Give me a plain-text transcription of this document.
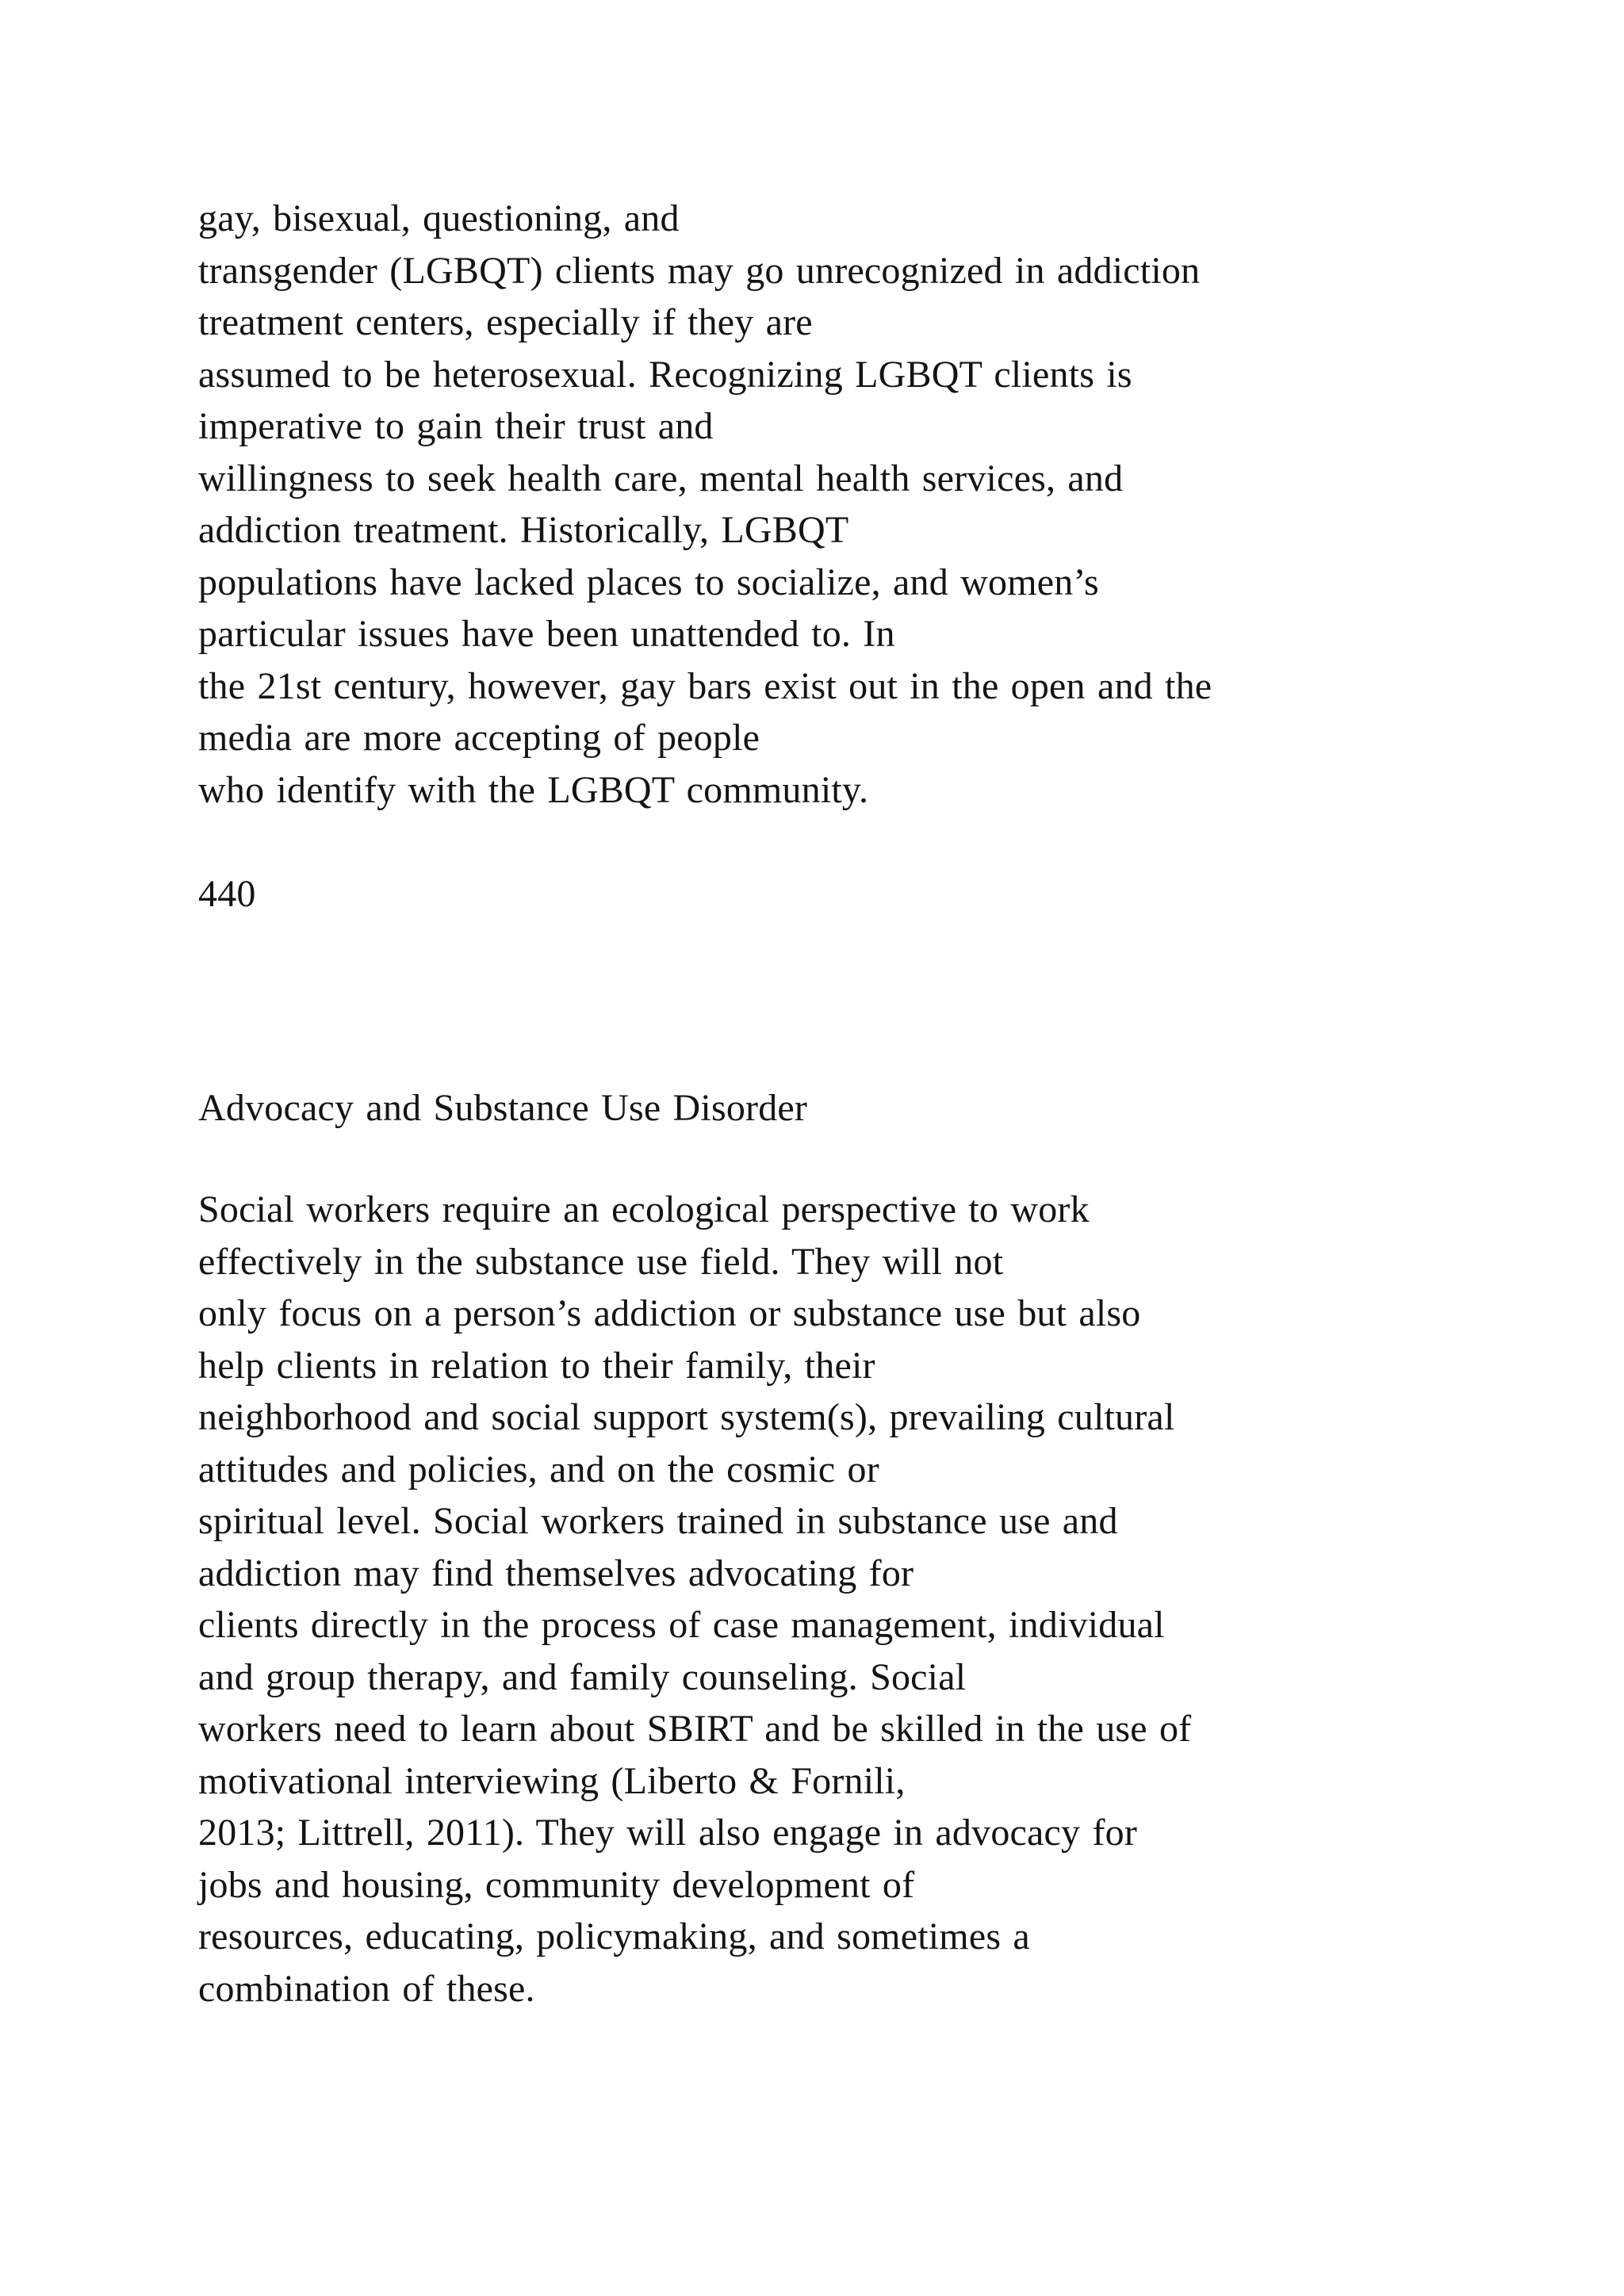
gay, bisexual, questioning, and
transgender (LGBQT) clients may go unrecognized in addiction
treatment centers, especially if they are
assumed to be heterosexual. Recognizing LGBQT clients is
imperative to gain their trust and
willingness to seek health care, mental health services, and
addiction treatment. Historically, LGBQT
populations have lacked places to socialize, and women’s
particular issues have been unattended to. In
the 21st century, however, gay bars exist out in the open and the
media are more accepting of people
who identify with the LGBQT community.
440
Advocacy and Substance Use Disorder
Social workers require an ecological perspective to work
effectively in the substance use field. They will not
only focus on a person’s addiction or substance use but also
help clients in relation to their family, their
neighborhood and social support system(s), prevailing cultural
attitudes and policies, and on the cosmic or
spiritual level. Social workers trained in substance use and
addiction may find themselves advocating for
clients directly in the process of case management, individual
and group therapy, and family counseling. Social
workers need to learn about SBIRT and be skilled in the use of
motivational interviewing (Liberto & Fornili,
2013; Littrell, 2011). They will also engage in advocacy for
jobs and housing, community development of
resources, educating, policymaking, and sometimes a
combination of these.
